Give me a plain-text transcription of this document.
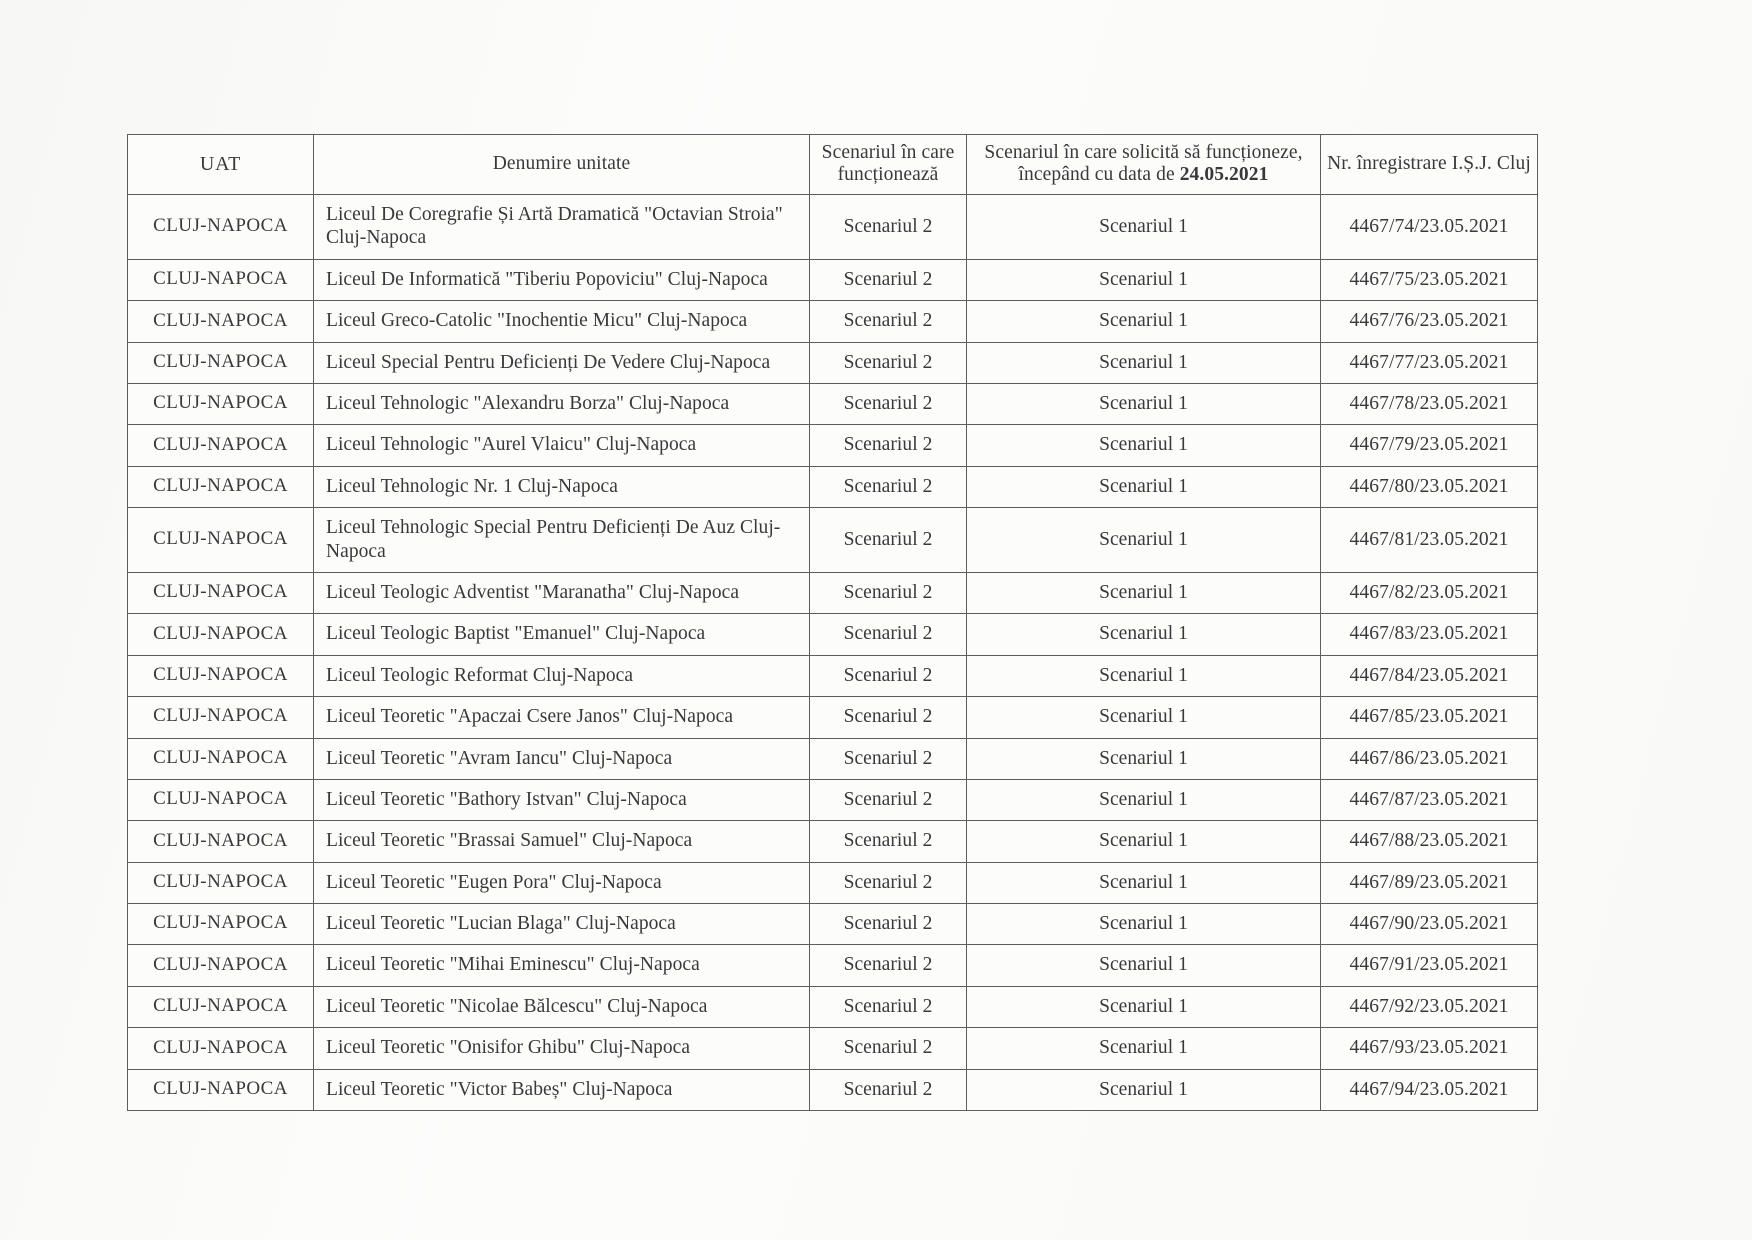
UAT	Denumire unitate	Scenariul în care funcționează	Scenariul în care solicită să funcționeze, începând cu data de 24.05.2021	Nr. înregistrare I.Ș.J. Cluj
CLUJ-NAPOCA	Liceul De Coregrafie Și Artă Dramatică "Octavian Stroia" Cluj-Napoca	Scenariul 2	Scenariul 1	4467/74/23.05.2021
CLUJ-NAPOCA	Liceul De Informatică "Tiberiu Popoviciu" Cluj-Napoca	Scenariul 2	Scenariul 1	4467/75/23.05.2021
CLUJ-NAPOCA	Liceul Greco-Catolic "Inochentie Micu" Cluj-Napoca	Scenariul 2	Scenariul 1	4467/76/23.05.2021
CLUJ-NAPOCA	Liceul Special Pentru Deficienți De Vedere Cluj-Napoca	Scenariul 2	Scenariul 1	4467/77/23.05.2021
CLUJ-NAPOCA	Liceul Tehnologic "Alexandru Borza" Cluj-Napoca	Scenariul 2	Scenariul 1	4467/78/23.05.2021
CLUJ-NAPOCA	Liceul Tehnologic "Aurel Vlaicu" Cluj-Napoca	Scenariul 2	Scenariul 1	4467/79/23.05.2021
CLUJ-NAPOCA	Liceul Tehnologic Nr. 1 Cluj-Napoca	Scenariul 2	Scenariul 1	4467/80/23.05.2021
CLUJ-NAPOCA	Liceul Tehnologic Special Pentru Deficienți De Auz Cluj-Napoca	Scenariul 2	Scenariul 1	4467/81/23.05.2021
CLUJ-NAPOCA	Liceul Teologic Adventist "Maranatha" Cluj-Napoca	Scenariul 2	Scenariul 1	4467/82/23.05.2021
CLUJ-NAPOCA	Liceul Teologic Baptist "Emanuel" Cluj-Napoca	Scenariul 2	Scenariul 1	4467/83/23.05.2021
CLUJ-NAPOCA	Liceul Teologic Reformat Cluj-Napoca	Scenariul 2	Scenariul 1	4467/84/23.05.2021
CLUJ-NAPOCA	Liceul Teoretic "Apaczai Csere Janos" Cluj-Napoca	Scenariul 2	Scenariul 1	4467/85/23.05.2021
CLUJ-NAPOCA	Liceul Teoretic "Avram Iancu" Cluj-Napoca	Scenariul 2	Scenariul 1	4467/86/23.05.2021
CLUJ-NAPOCA	Liceul Teoretic "Bathory Istvan" Cluj-Napoca	Scenariul 2	Scenariul 1	4467/87/23.05.2021
CLUJ-NAPOCA	Liceul Teoretic "Brassai Samuel" Cluj-Napoca	Scenariul 2	Scenariul 1	4467/88/23.05.2021
CLUJ-NAPOCA	Liceul Teoretic "Eugen Pora" Cluj-Napoca	Scenariul 2	Scenariul 1	4467/89/23.05.2021
CLUJ-NAPOCA	Liceul Teoretic "Lucian Blaga" Cluj-Napoca	Scenariul 2	Scenariul 1	4467/90/23.05.2021
CLUJ-NAPOCA	Liceul Teoretic "Mihai Eminescu" Cluj-Napoca	Scenariul 2	Scenariul 1	4467/91/23.05.2021
CLUJ-NAPOCA	Liceul Teoretic "Nicolae Bălcescu" Cluj-Napoca	Scenariul 2	Scenariul 1	4467/92/23.05.2021
CLUJ-NAPOCA	Liceul Teoretic "Onisifor Ghibu" Cluj-Napoca	Scenariul 2	Scenariul 1	4467/93/23.05.2021
CLUJ-NAPOCA	Liceul Teoretic "Victor Babeș" Cluj-Napoca	Scenariul 2	Scenariul 1	4467/94/23.05.2021
